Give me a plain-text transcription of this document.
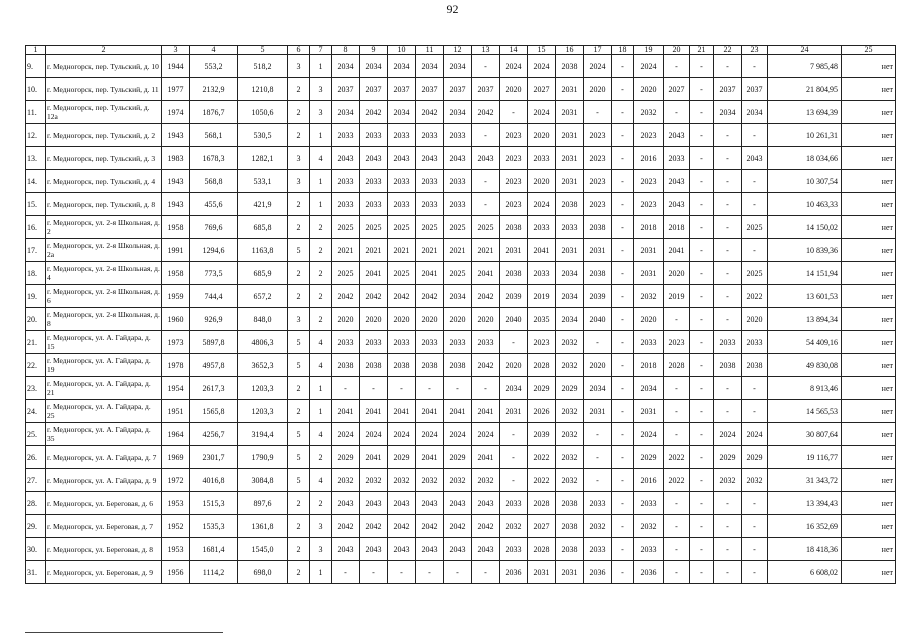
92
1	2	3	4	5	6	7	8	9	10	11	12	13	14	15	16	17	18	19	20	21	22	23	24	25
9.	г. Медногорск, пер. Тульский, д. 10	1944	553,2	518,2	3	1	2034	2034	2034	2034	2034	-	2024	2024	2038	2024	-	2024	-	-	-	-	7 985,48	нет
10.	г. Медногорск, пер. Тульский, д. 11	1977	2132,9	1210,8	2	3	2037	2037	2037	2037	2037	2037	2020	2027	2031	2020	-	2020	2027	-	2037	2037	21 804,95	нет
11.	г. Медногорск, пер. Тульский, д. 12а	1974	1876,7	1050,6	2	3	2034	2042	2034	2042	2034	2042	-	2024	2031	-	-	2032	-	-	2034	2034	13 694,39	нет
12.	г. Медногорск, пер. Тульский, д. 2	1943	568,1	530,5	2	1	2033	2033	2033	2033	2033	-	2023	2020	2031	2023	-	2023	2043	-	-	-	10 261,31	нет
13.	г. Медногорск, пер. Тульский, д. 3	1983	1678,3	1282,1	3	4	2043	2043	2043	2043	2043	2043	2023	2033	2031	2023	-	2016	2033	-	-	2043	18 034,66	нет
14.	г. Медногорск, пер. Тульский, д. 4	1943	568,8	533,1	3	1	2033	2033	2033	2033	2033	-	2023	2020	2031	2023	-	2023	2043	-	-	-	10 307,54	нет
15.	г. Медногорск, пер. Тульский, д. 8	1943	455,6	421,9	2	1	2033	2033	2033	2033	2033	-	2023	2024	2038	2023	-	2023	2043	-	-	-	10 463,33	нет
16.	г. Медногорск, ул. 2-я Школьная, д. 2	1958	769,6	685,8	2	2	2025	2025	2025	2025	2025	2025	2038	2033	2033	2038	-	2018	2018	-	-	2025	14 150,02	нет
17.	г. Медногорск, ул. 2-я Школьная, д. 2а	1991	1294,6	1163,8	5	2	2021	2021	2021	2021	2021	2021	2031	2041	2031	2031	-	2031	2041	-	-	-	10 839,36	нет
18.	г. Медногорск, ул. 2-я Школьная, д. 4	1958	773,5	685,9	2	2	2025	2041	2025	2041	2025	2041	2038	2033	2034	2038	-	2031	2020	-	-	2025	14 151,94	нет
19.	г. Медногорск, ул. 2-я Школьная, д. 6	1959	744,4	657,2	2	2	2042	2042	2042	2042	2034	2042	2039	2019	2034	2039	-	2032	2019	-	-	2022	13 601,53	нет
20.	г. Медногорск, ул. 2-я Школьная, д. 8	1960	926,9	848,0	3	2	2020	2020	2020	2020	2020	2020	2040	2035	2034	2040	-	2020	-	-	-	2020	13 894,34	нет
21.	г. Медногорск, ул. А. Гайдара, д. 15	1973	5897,8	4806,3	5	4	2033	2033	2033	2033	2033	2033	-	2023	2032	-	-	2033	2023	-	2033	2033	54 409,16	нет
22.	г. Медногорск, ул. А. Гайдара, д. 19	1978	4957,8	3652,3	5	4	2038	2038	2038	2038	2038	2042	2020	2028	2032	2020	-	2018	2028	-	2038	2038	49 830,08	нет
23.	г. Медногорск, ул. А. Гайдара, д. 21	1954	2617,3	1203,3	2	1	-	-	-	-	-	-	2034	2029	2029	2034	-	2034	-	-	-	-	8 913,46	нет
24.	г. Медногорск, ул. А. Гайдара, д. 25	1951	1565,8	1203,3	2	1	2041	2041	2041	2041	2041	2041	2031	2026	2032	2031	-	2031	-	-	-	-	14 565,53	нет
25.	г. Медногорск, ул. А. Гайдара, д. 35	1964	4256,7	3194,4	5	4	2024	2024	2024	2024	2024	2024	-	2039	2032	-	-	2024	-	-	2024	2024	30 807,64	нет
26.	г. Медногорск, ул. А. Гайдара, д. 7	1969	2301,7	1790,9	5	2	2029	2041	2029	2041	2029	2041	-	2022	2032	-	-	2029	2022	-	2029	2029	19 116,77	нет
27.	г. Медногорск, ул. А. Гайдара, д. 9	1972	4016,8	3084,8	5	4	2032	2032	2032	2032	2032	2032	-	2022	2032	-	-	2016	2022	-	2032	2032	31 343,72	нет
28.	г. Медногорск, ул. Береговая, д. 6	1953	1515,3	897,6	2	2	2043	2043	2043	2043	2043	2043	2033	2028	2038	2033	-	2033	-	-	-	-	13 394,43	нет
29.	г. Медногорск, ул. Береговая, д. 7	1952	1535,3	1361,8	2	3	2042	2042	2042	2042	2042	2042	2032	2027	2038	2032	-	2032	-	-	-	-	16 352,69	нет
30.	г. Медногорск, ул. Береговая, д. 8	1953	1681,4	1545,0	2	3	2043	2043	2043	2043	2043	2043	2033	2028	2038	2033	-	2033	-	-	-	-	18 418,36	нет
31.	г. Медногорск, ул. Береговая, д. 9	1956	1114,2	698,0	2	1	-	-	-	-	-	-	2036	2031	2031	2036	-	2036	-	-	-	-	6 608,02	нет
